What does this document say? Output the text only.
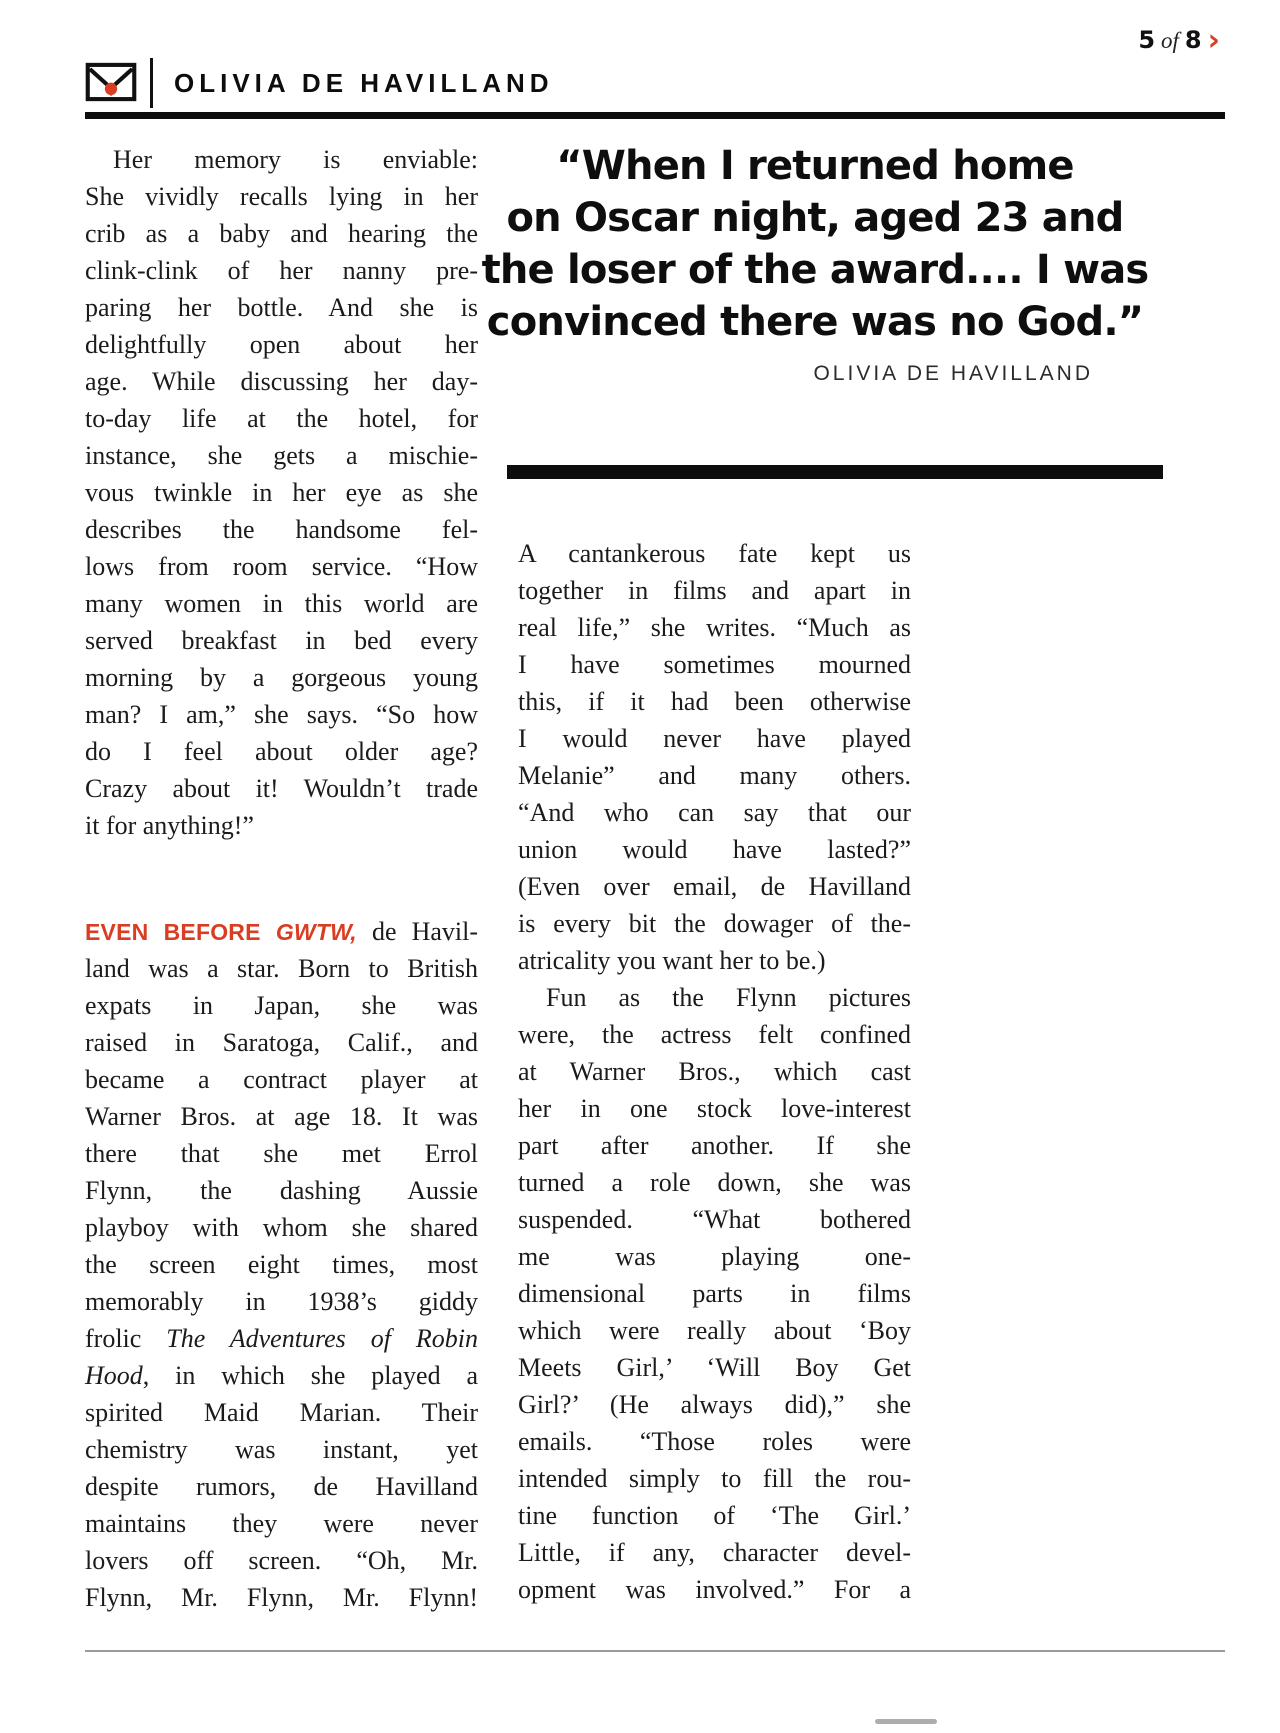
5 of 8 ›
OLIVIA DE HAVILLAND
“When I returned home
on Oscar night, aged 23 and
the loser of the award.... I was
convinced there was no God.”
OLIVIA DE HAVILLAND
Her memory is enviable:
She vividly recalls lying in her
crib as a baby and hearing the
clink-clink of her nanny pre-
paring her bottle. And she is
delightfully open about her
age. While discussing her day-
to-day life at the hotel, for
instance, she gets a mischie-
vous twinkle in her eye as she
describes the handsome fel-
lows from room service. “How
many women in this world are
served breakfast in bed every
morning by a gorgeous young
man? I am,” she says. “So how
do I feel about older age?
Crazy about it! Wouldn’t trade
it for anything!”
EVEN BEFORE GWTW, de Havil-
land was a star. Born to British
expats in Japan, she was
raised in Saratoga, Calif., and
became a contract player at
Warner Bros. at age 18. It was
there that she met Errol
Flynn, the dashing Aussie
playboy with whom she shared
the screen eight times, most
memorably in 1938’s giddy
frolic The Adventures of Robin
Hood, in which she played a
spirited Maid Marian. Their
chemistry was instant, yet
despite rumors, de Havilland
maintains they were never
lovers off screen. “Oh, Mr.
Flynn, Mr. Flynn, Mr. Flynn!
A cantankerous fate kept us
together in films and apart in
real life,” she writes. “Much as
I have sometimes mourned
this, if it had been otherwise
I would never have played
Melanie” and many others.
“And who can say that our
union would have lasted?”
(Even over email, de Havilland
is every bit the dowager of the-
atricality you want her to be.)
Fun as the Flynn pictures
were, the actress felt confined
at Warner Bros., which cast
her in one stock love-interest
part after another. If she
turned a role down, she was
suspended. “What bothered
me was playing one-
dimensional parts in films
which were really about ‘Boy
Meets Girl,’ ‘Will Boy Get
Girl?’ (He always did),” she
emails. “Those roles were
intended simply to fill the rou-
tine function of ‘The Girl.’
Little, if any, character devel-
opment was involved.” For a
